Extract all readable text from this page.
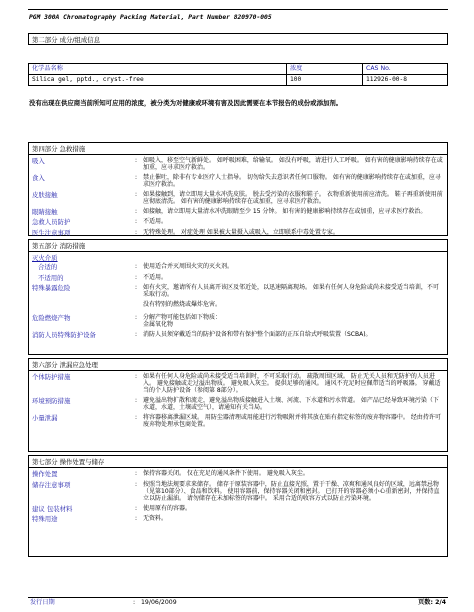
PGM 300A Chromatography Packing Material, Part Number 820970-005
第二部分 成分/组成信息
化学品名称	浓度	CAS No.
Silica gel, pptd., cryst.-free	100	112926-00-8
没有出现在供应商当前所知可应用的浓度，被分类为对健康或环境有害及因此需要在本节报告的成份或添加剂。
第四部分 急救措施
吸入	: 如吸入，移至空气新鲜处。 如呼吸困难，给输氧。 如没有呼吸，请进行人工呼吸。 如有害的健康影响持续存在或加重，应寻求医疗救治。
食入	: 禁止催吐，除非有专业医疗人士指导。 切勿给失去意识者任何口服物。 如有害的健康影响持续存在或加重，应寻求医疗救治。
皮肤接触	: 如果接触到，请立即用大量水冲洗皮肤。 脱去受污染的衣服和鞋子。 衣物重新使用前应清洗。 鞋子再重新使用前应彻底清洗。 如有害的健康影响持续存在或加重，应寻求医疗救治。
眼睛接触	: 如接触，请立即用大量清水冲洗眼睛至少 15 分钟。 如有害的健康影响持续存在或加重，应寻求医疗救治。
急救人员防护	: 不适用。
医生注意事项	: 无特殊处理。 对症处理 如果被大量摄入或吸入，立即联系中毒处置专家。
第五部分 消防措施
灭火介质
合适的	: 使用适合并灭周围火灾的灭火剂。
不适用的	: 不适用。
特殊暴露危险	: 如有火灾，邀请所有人员离开该区及邻近处，以迅速隔离现场。 如果有任何人身危险或尚未接受适当培训，不可采取行动。

没有特别的燃烧或爆炸危害。

危险燃烧产物	: 分解产物可能包括如下物质：
金属氧化物
消防人员特殊防护设备	: 消防人员须穿戴适当的防护设备和带有保护整个面部的正压自给式呼吸装置（SCBA)。
第六部分 泄漏应急处理
个体防护措施	: 如果有任何人身危险或尚未接受适当培训时，不可采取行动。 疏散周围区域。 防止无关人员和无防护的人员进入。 避免接触或走过溢出物质。 避免吸入灰尘。 提供足够的通风。 通风不充足时应佩带适当的呼吸器。 穿戴适当的个人防护设备（参阅第 8部分）。
环境预防措施	: 避免溢出物扩散和流走，避免溢出物质接触进入土壤、河流、下水道和污水管道。 如产品已经导致环境污染（下水道，水道，土壤或空气），请通知有关当局。
小量泄漏	: 将容器移离泄漏区域。 用防尘器清理或用能进行污物吸附并将其放在贴有指定标签的废弃物容器中。 经由持许可废弃物处理承包商处置。
第七部分 操作处置与储存
操作处置	: 保持容器关闭。 仅在充足的通风条件下使用。 避免吸入灰尘。
储存注意事项	: 按照当地法规要求来储存。 储存于原装容器中，防止直接光照，置于干燥、凉爽和通风良好的区域，远离禁忌物（见第10部分）、食品和饮料。 使用容器前，保持容器关闭和密封。 已打开的容器必须小心重新密封，并保持直立以防止漏油。 请勿储存在未加标签的容器中。 采用合适的收容方式以防止污染环境。
建议 包装材料	: 使用原有的容器。
特殊用途	: 无资料。
发行日期	: 19/06/2009	页数: 2/4
